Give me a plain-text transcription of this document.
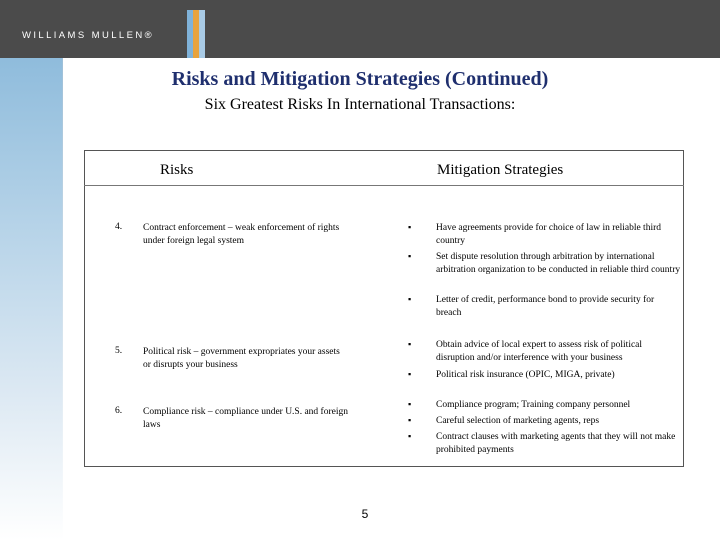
WILLIAMS MULLEN®
Risks and Mitigation Strategies (Continued)
Six Greatest Risks In International Transactions:
Risks	Mitigation Strategies
4. Contract enforcement – weak enforcement of rights under foreign legal system
▪	Have agreements provide for choice of law in reliable third country
▪	Set dispute resolution through arbitration by international arbitration organization to be conducted in reliable third country
▪	Letter of credit, performance bond to provide security for breach
5. Political risk – government expropriates your assets or disrupts your business
▪	Obtain advice of local expert to assess risk of political disruption and/or interference with your business
▪	Political risk insurance (OPIC, MIGA, private)
6. Compliance risk – compliance under U.S. and foreign laws
▪	Compliance program; Training company personnel
▪	Careful selection of marketing agents, reps
▪	Contract clauses with marketing agents that they will not make prohibited payments
5
